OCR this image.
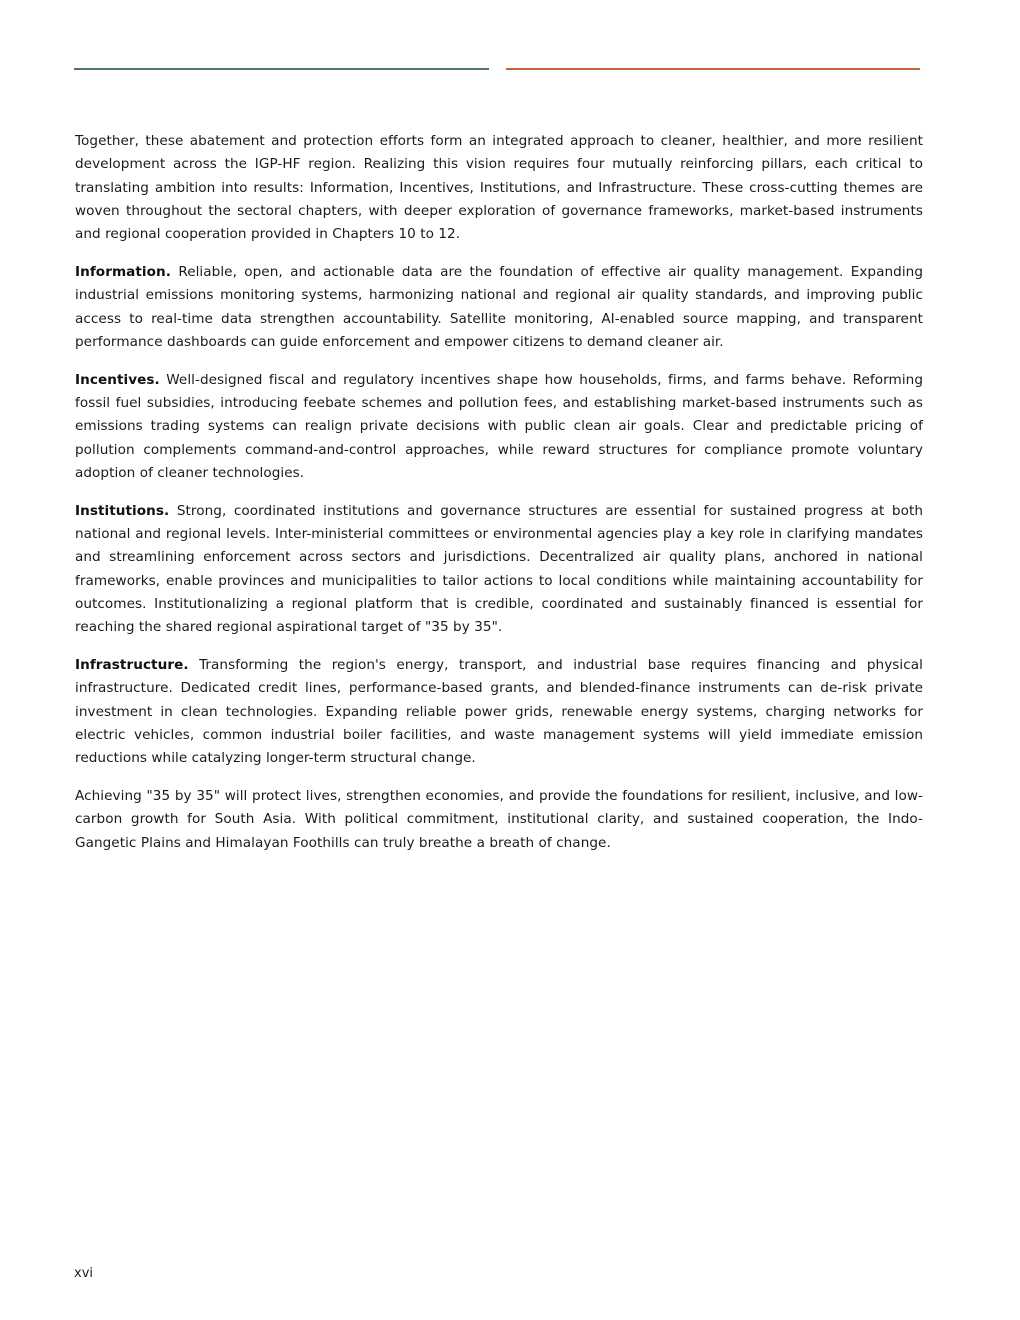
Together, these abatement and protection efforts form an integrated approach to cleaner, healthier, and more resilient development across the IGP-HF region. Realizing this vision requires four mutually reinforcing pillars, each critical to translating ambition into results: Information, Incentives, Institutions, and Infrastructure. These cross-cutting themes are woven throughout the sectoral chapters, with deeper exploration of governance frameworks, market-based instruments and regional cooperation provided in Chapters 10 to 12.

Information. Reliable, open, and actionable data are the foundation of effective air quality management. Expanding industrial emissions monitoring systems, harmonizing national and regional air quality standards, and improving public access to real-time data strengthen accountability. Satellite monitoring, AI-enabled source mapping, and transparent performance dashboards can guide enforcement and empower citizens to demand cleaner air.

Incentives. Well-designed fiscal and regulatory incentives shape how households, firms, and farms behave. Reforming fossil fuel subsidies, introducing feebate schemes and pollution fees, and establishing market-based instruments such as emissions trading systems can realign private decisions with public clean air goals. Clear and predictable pricing of pollution complements command-and-control approaches, while reward structures for compliance promote voluntary adoption of cleaner technologies.

Institutions. Strong, coordinated institutions and governance structures are essential for sustained progress at both national and regional levels. Inter-ministerial committees or environmental agencies play a key role in clarifying mandates and streamlining enforcement across sectors and jurisdictions. Decentralized air quality plans, anchored in national frameworks, enable provinces and municipalities to tailor actions to local conditions while maintaining accountability for outcomes. Institutionalizing a regional platform that is credible, coordinated and sustainably financed is essential for reaching the shared regional aspirational target of "35 by 35".

Infrastructure. Transforming the region's energy, transport, and industrial base requires financing and physical infrastructure. Dedicated credit lines, performance-based grants, and blended-finance instruments can de-risk private investment in clean technologies. Expanding reliable power grids, renewable energy systems, charging networks for electric vehicles, common industrial boiler facilities, and waste management systems will yield immediate emission reductions while catalyzing longer-term structural change.

Achieving "35 by 35" will protect lives, strengthen economies, and provide the foundations for resilient, inclusive, and low-carbon growth for South Asia. With political commitment, institutional clarity, and sustained cooperation, the Indo-Gangetic Plains and Himalayan Foothills can truly breathe a breath of change.

xvi
